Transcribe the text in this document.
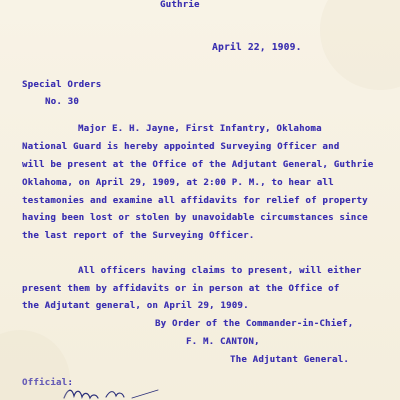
Guthrie
April 22, 1909.
Special Orders
No. 30
Major E. H. Jayne, First Infantry, Oklahoma
National Guard is hereby appointed Surveying Officer and
will be present at the Office of the Adjutant General, Guthrie
Oklahoma, on April 29, 1909, at 2:00 P. M., to hear all
testamonies and examine all affidavits for relief of property
having been lost or stolen by unavoidable circumstances since
the last report of the Surveying Officer.
All officers having claims to present, will either
present them by affidavits or in person at the Office of
the Adjutant general, on April 29, 1909.
By Order of the Commander-in-Chief,
F. M. CANTON,
The Adjutant General.
Official:
